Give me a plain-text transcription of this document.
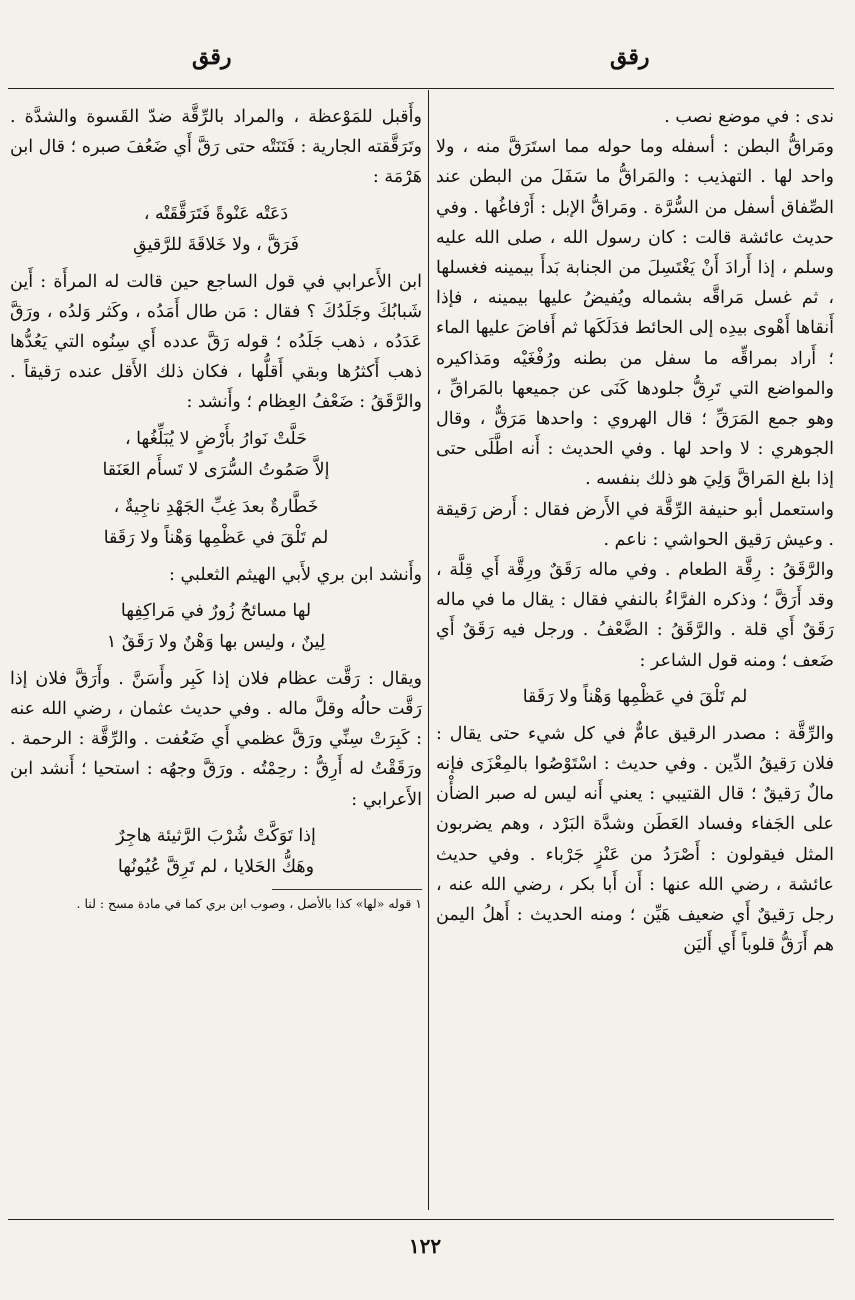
رقق
رقق

ندى : في موضع نصب .

ومَراقُّ البطن : أسفله وما حوله مما استَرَقَّ منه ، ولا واحد لها . التهذيب : والمَراقُّ ما سَفَلَ من البطن عند الصِّفاق أسفل من السُّرَّة . ومَراقُّ الإبل : أَرْفاغُها . وفي حديث عائشة قالت : كان رسول الله ، صلى الله عليه وسلم ، إذا أَرادَ أَنْ يَغْتَسِلَ من الجنابة بَدأَ بيمينه فغسلها ، ثم غسل مَراقَّه بشماله ويُفيضُ عليها بيمينه ، فإذا أَنقاها أَهْوى بيدِه إلى الحائط فدَلَكَها ثم أَفاضَ عليها الماء ؛ أَراد بمراقِّه ما سفل من بطنه ورُفْغَيْه ومَذاكيره والمواضع التي تَرِقُّ جلودها كَنَى عن جميعها بالمَراقِّ ، وهو جمع المَرَقِّ ؛ قال الهروي : واحدها مَرَقٌّ ، وقال الجوهري : لا واحد لها . وفي الحديث : أَنه اطَّلَى حتى إذا بلغ المَراقَّ وَلِيَ هو ذلك بنفسه .

واستعمل أبو حنيفة الرِّقَّة في الأَرض فقال : أَرض رَقيقة . وعيش رَقيق الحواشي : ناعم .

والرَّقَقُ : رِقَّة الطعام . وفي ماله رَقَقٌ ورِقَّة أَي قِلَّة ، وقد أَرَقَّ ؛ وذكره الفرَّاءُ بالنفي فقال : يقال ما في ماله رَقَقٌ أَي قلة . والرَّقَقُ : الضَّعْفُ . ورجل فيه رَقَقٌ أَي ضَعف ؛ ومنه قول الشاعر :

لم تَلْقَ في عَظْمِها وَهْناً ولا رَقَقا

والرِّقَّة : مصدر الرقيق عامٌّ في كل شيء حتى يقال : فلان رَقيقُ الدِّين . وفي حديث : اسْتَوْصُوا بالمِعْزَى فإنه مالٌ رَقيقٌ ؛ قال القتيبي : يعني أَنه ليس له صبر الضأْن على الجَفاء وفساد العَطَن وشدَّة البَرْد ، وهم يضربون المثل فيقولون : أَصْرَدُ من عَنْزٍ جَرْباء . وفي حديث عائشة ، رضي الله عنها : أَن أَبا بكر ، رضي الله عنه ، رجل رَقيقٌ أَي ضعيف هَيِّن ؛ ومنه الحديث : أَهلُ اليمن هم أَرَقُّ قلوباً أَي أَليَن

وأَقبل للمَوْعظة ، والمراد بالرِّقَّة ضدّ القَسوة والشدَّة . وتَرَقَّقته الجارية : فَتَنَتْه حتى رَقَّ أَي ضَعُفَ صبره ؛ قال ابن هَرْمَة :

دَعَتْه عَنْوةً فَتَرَقَّقَتْه ،
فَرَقَّ ، ولا خَلاقَةَ للرَّقيقِ

ابن الأَعرابي في قول الساجع حين قالت له المرأَة : أَين شَبابُكَ وجَلَدُكَ ؟ فقال : مَن طال أَمَدُه ، وكَثر وَلدُه ، ورَقَّ عَدَدُه ، ذهب جَلَدُه ؛ قوله رَقَّ عدده أَي سِنُوه التي يَعُدُّها ذهب أَكثرُها وبقي أَقلُّها ، فكان ذلك الأَقل عنده رَقيقاً . والرَّقَقُ : ضَعْفُ العِظام ؛ وأَنشد :

حَلَّتْ نَوارُ بأَرْضٍ لا يُبَلِّغُها ،
إلاَّ صَمُوتُ السُّرَى لا تَسأَم العَنَقا
خَطَّارةٌ بعدَ غِبِّ الجَهْدِ ناجِيةٌ ،
لم تَلْقَ في عَظْمِها وَهْناً ولا رَقَقا

وأَنشد ابن بري لأَبي الهيثم الثعلبي :

لها مسائحُ زُورٌ في مَراكِفِها
لِينٌ ، وليس بها وَهْنٌ ولا رَقَقٌ ١

ويقال : رَقَّت عظام فلان إذا كَبِر وأَسَنَّ . وأَرَقَّ فلان إذا رَقَّت حالُه وقلَّ ماله . وفي حديث عثمان ، رضي الله عنه : كَبِرَتْ سِنِّي ورَقَّ عظمي أَي ضَعُفت . والرِّقَّة : الرحمة . ورَقَقْتُ له أَرِقُّ : رحِمْتُه . ورَقَّ وجهُه : استحيا ؛ أَنشد ابن الأَعرابي :

إذا تَوَكَّتْ شُرْبَ الرَّثيئة هاجِرٌ
وهَكُّ الحَلايا ، لم تَرِقَّ عُيُونُها
١ قوله «لها» كذا بالأصل ، وصوب ابن بري كما في مادة مسح : لنا .
١٢٢
